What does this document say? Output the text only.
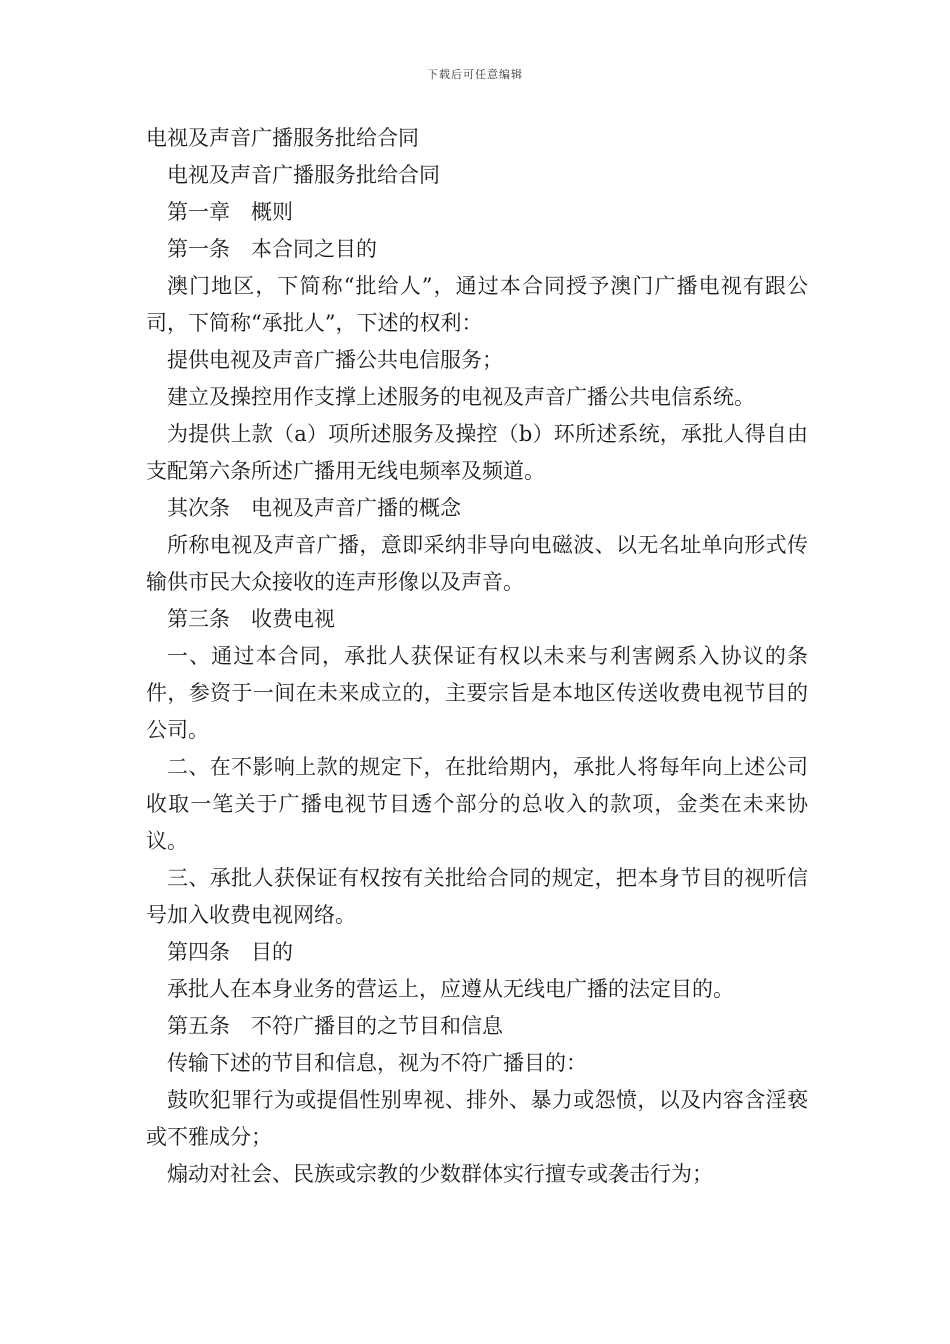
下载后可任意编辑

电视及声音广播服务批给合同

电视及声音广播服务批给合同

第一章　概则

第一条　本合同之目的

澳门地区，下简称“批给人”，通过本合同授予澳门广播电视有跟公司，下简称“承批人”，下述的权利：

提供电视及声音广播公共电信服务；

建立及操控用作支撑上述服务的电视及声音广播公共电信系统。

为提供上款（a）项所述服务及操控（b）环所述系统，承批人得自由支配第六条所述广播用无线电频率及频道。

其次条　电视及声音广播的概念

所称电视及声音广播，意即采纳非导向电磁波、以无名址单向形式传输供市民大众接收的连声形像以及声音。

第三条　收费电视

一、通过本合同，承批人获保证有权以未来与利害阙系入协议的条件，参资于一间在未来成立的，主要宗旨是本地区传送收费电视节目的公司。

二、在不影响上款的规定下，在批给期内，承批人将每年向上述公司收取一笔关于广播电视节目透个部分的总收入的款项，金类在未来协议。

三、承批人获保证有权按有关批给合同的规定，把本身节目的视听信号加入收费电视网络。

第四条　目的

承批人在本身业务的营运上，应遵从无线电广播的法定目的。

第五条　不符广播目的之节目和信息

传输下述的节目和信息，视为不符广播目的：

鼓吹犯罪行为或提倡性别卑视、排外、暴力或怨愤，以及内容含淫亵或不雅成分；

煽动对社会、民族或宗教的少数群体实行擅专或袭击行为；
